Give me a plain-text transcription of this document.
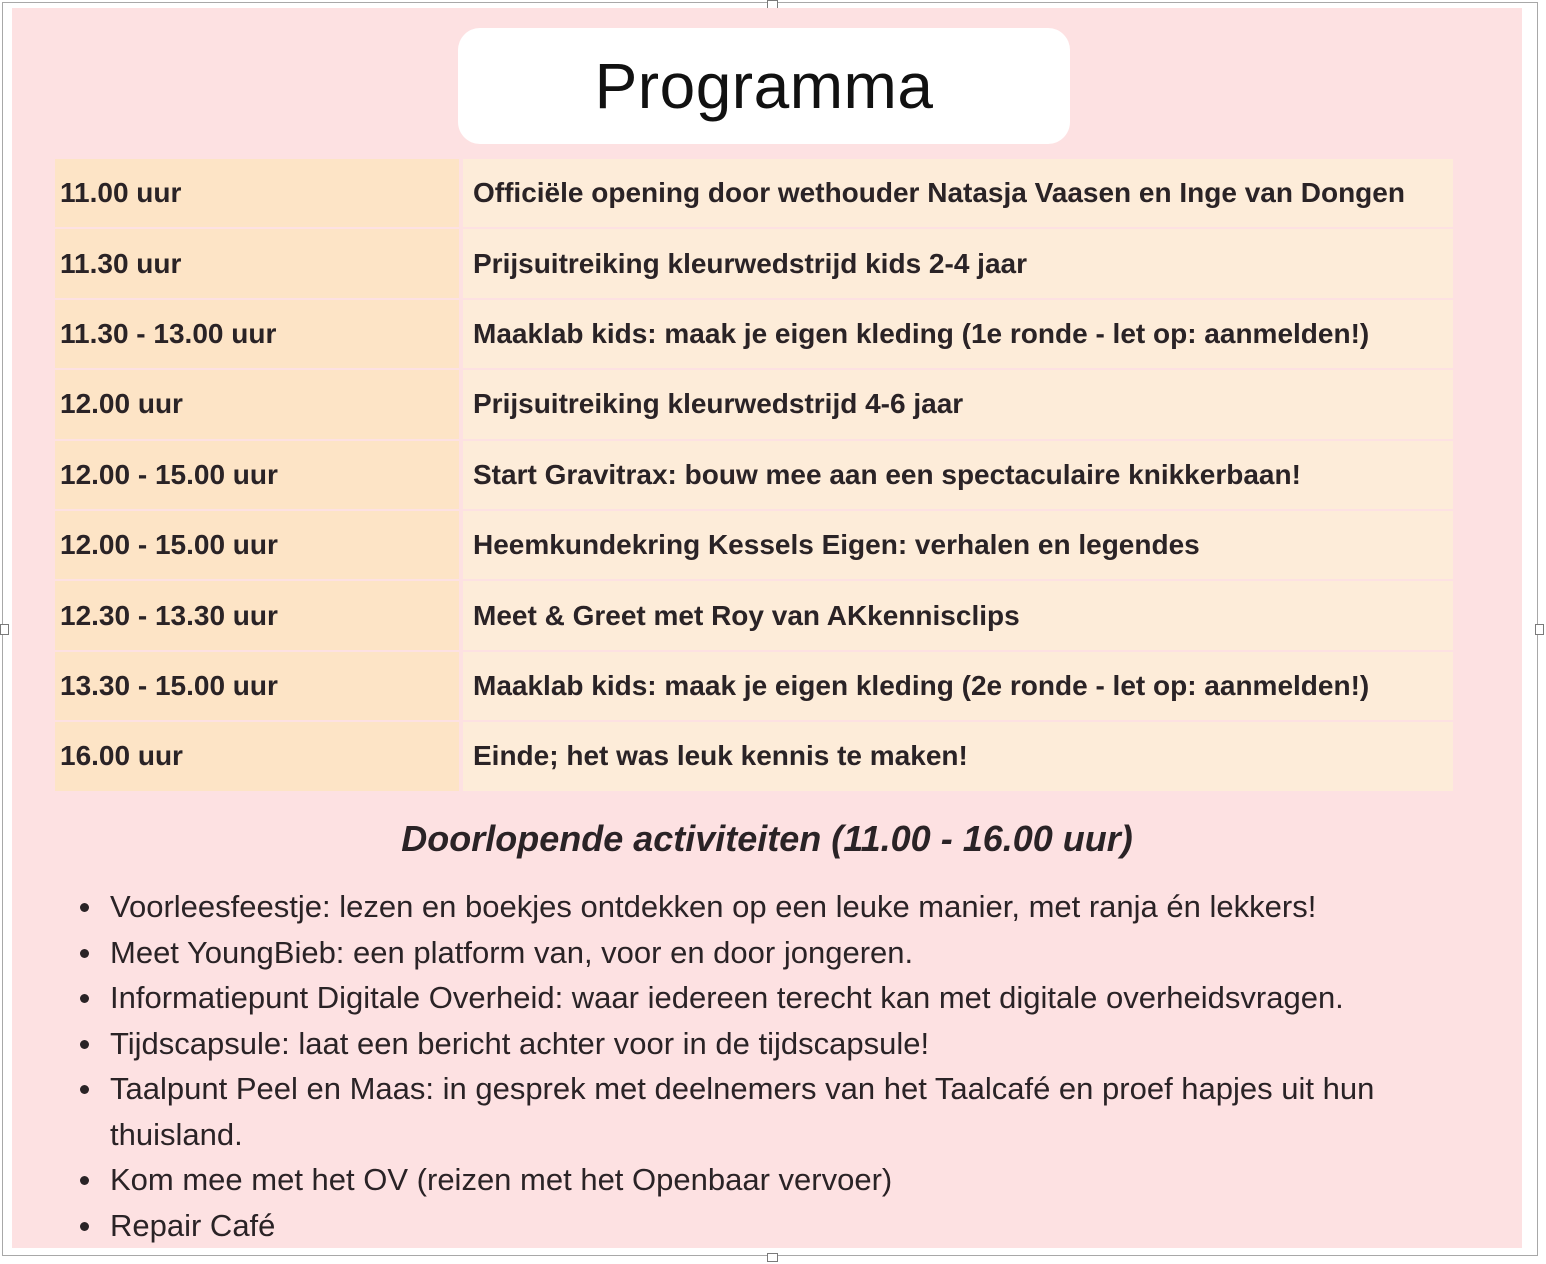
Programma
11.00 uur	Officiële opening door wethouder Natasja Vaasen en Inge van Dongen
11.30 uur	Prijsuitreiking kleurwedstrijd kids 2-4 jaar
11.30 - 13.00 uur	Maaklab kids: maak je eigen kleding (1e ronde - let op: aanmelden!)
12.00 uur	Prijsuitreiking kleurwedstrijd 4-6 jaar
12.00 - 15.00 uur	Start Gravitrax: bouw mee aan een spectaculaire knikkerbaan!
12.00 - 15.00 uur	Heemkundekring Kessels Eigen: verhalen en legendes
12.30 - 13.30 uur	Meet & Greet met Roy van AKkennisclips
13.30 - 15.00 uur	Maaklab kids: maak je eigen kleding (2e ronde - let op: aanmelden!)
16.00 uur	Einde; het was leuk kennis te maken!
Doorlopende activiteiten (11.00 - 16.00 uur)
Voorleesfeestje: lezen en boekjes ontdekken op een leuke manier, met ranja én lekkers!
Meet YoungBieb: een platform van, voor en door jongeren.
Informatiepunt Digitale Overheid: waar iedereen terecht kan met digitale overheidsvragen.
Tijdscapsule: laat een bericht achter voor in de tijdscapsule!
Taalpunt Peel en Maas: in gesprek met deelnemers van het Taalcafé en proef hapjes uit hun thuisland.
Kom mee met het OV (reizen met het Openbaar vervoer)
Repair Café
